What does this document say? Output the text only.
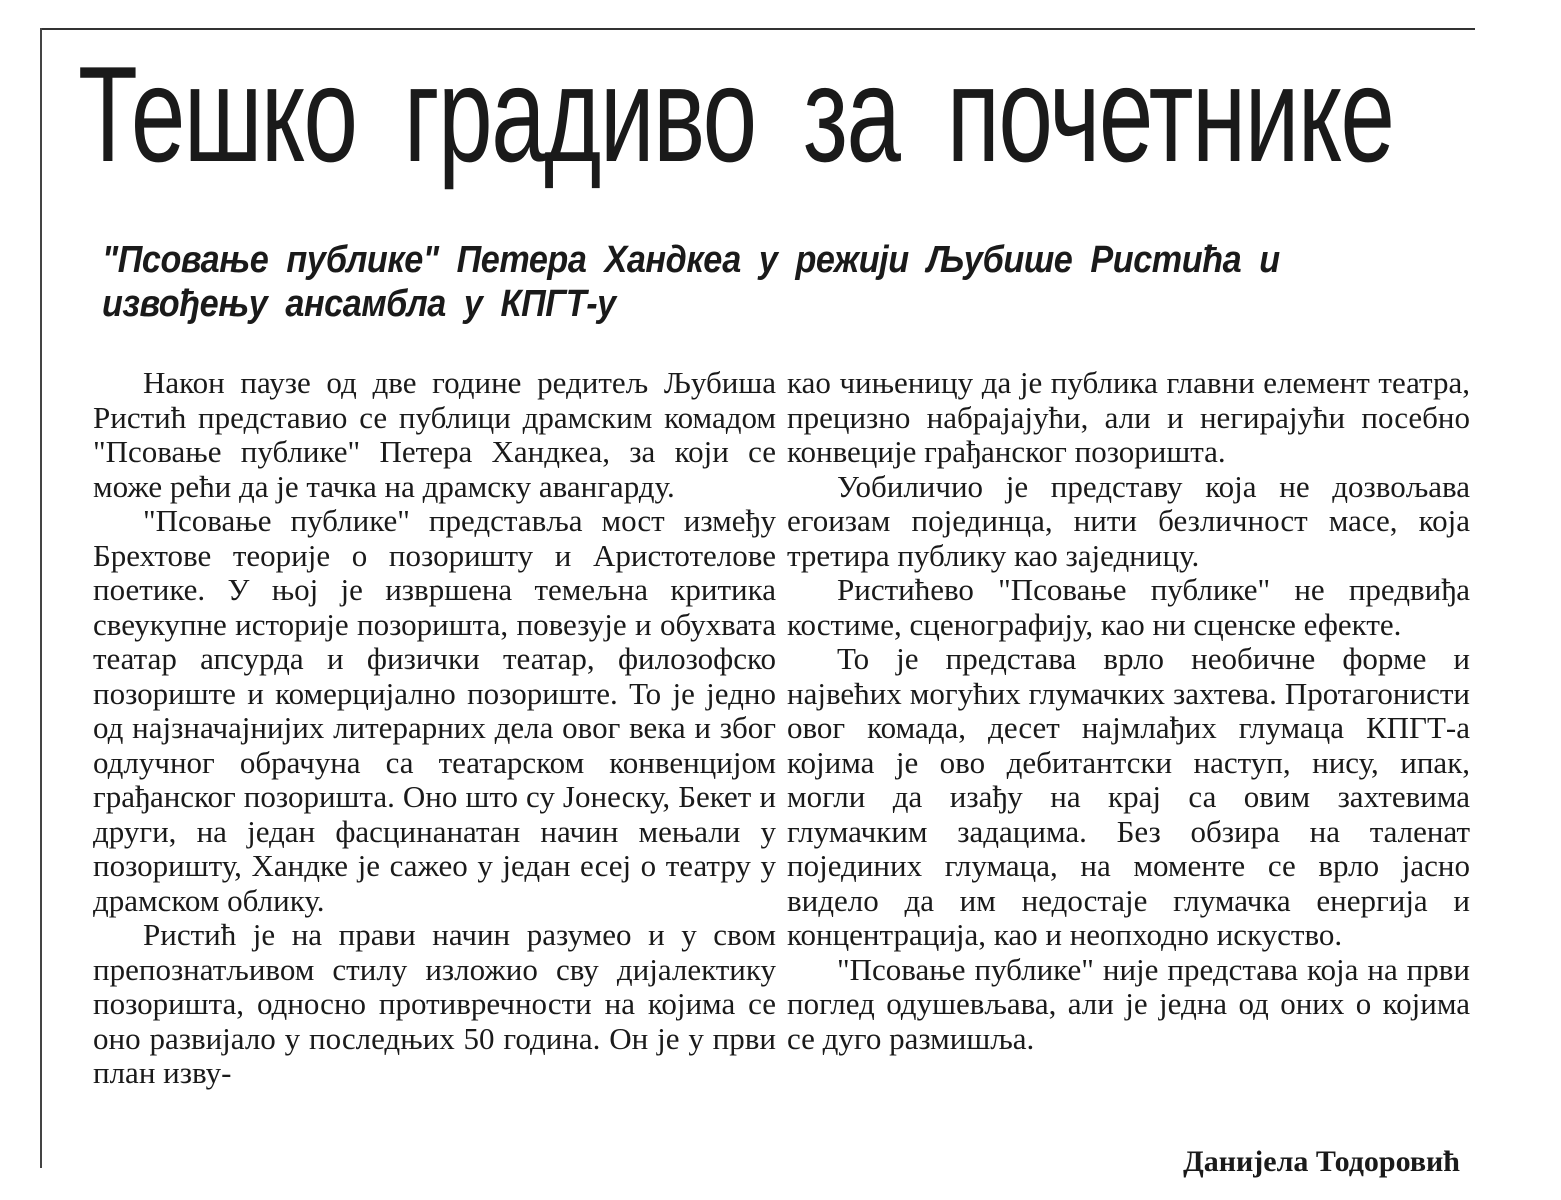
Тешко градиво за почетнике
"Псовање публике" Петера Хандкеа у режији Љубише Ристића и извођењу ансамбла у КПГТ-у

Након паузе од две године редитељ Љубиша Ристић представио се публици драмским комадом "Псовање публике" Петера Хандкеа, за који се може рећи да је тачка на драмску авангарду.

"Псовање публике" представља мост између Брехтове теорије о позоришту и Аристотелове поетике. У њој је извршена темељна критика свеукупне историје позоришта, повезује и обухвата театар апсурда и физички театар, филозофско позориште и комерцијално позориште. То је једно од најзначајнијих литерарних дела овог века и због одлучног обрачуна са театарском конвенцијом грађанског позоришта. Оно што су Јонеску, Бекет и други, на један фасцинанатан начин мењали у позоришту, Хандке је сажео у један есеј о театру у драмском облику.

Ристић је на прави начин разумео и у свом препознатљивом стилу изложио сву дијалектику позоришта, односно противречности на којима се оно развијало у последњих 50 година. Он је у први план изву-

као чињеницу да је публика главни елемент театра, прецизно набрајајући, али и негирајући посебно конвеције грађанског позоришта.

Уобиличио је представу која не дозвољава егоизам појединца, нити безличност масе, која третира публику као заједницу.

Ристићево "Псовање публике" не предвиђа костиме, сценографију, као ни сценске ефекте.

То је представа врло необичне форме и највећих могућих глумачких захтева. Протагонисти овог комада, десет најмлађих глумаца КПГТ-а којима је ово дебитантски наступ, нису, ипак, могли да изађу на крај са овим захтевима глумачким задацима. Без обзира на таленат појединих глумаца, на моменте се врло јасно видело да им недостаје глумачка енергија и концентрација, као и неопходно искуство.

"Псовање публике" није представа која на први поглед одушевљава, али је једна од оних о којима се дуго размишља.

Данијела Тодоровић
